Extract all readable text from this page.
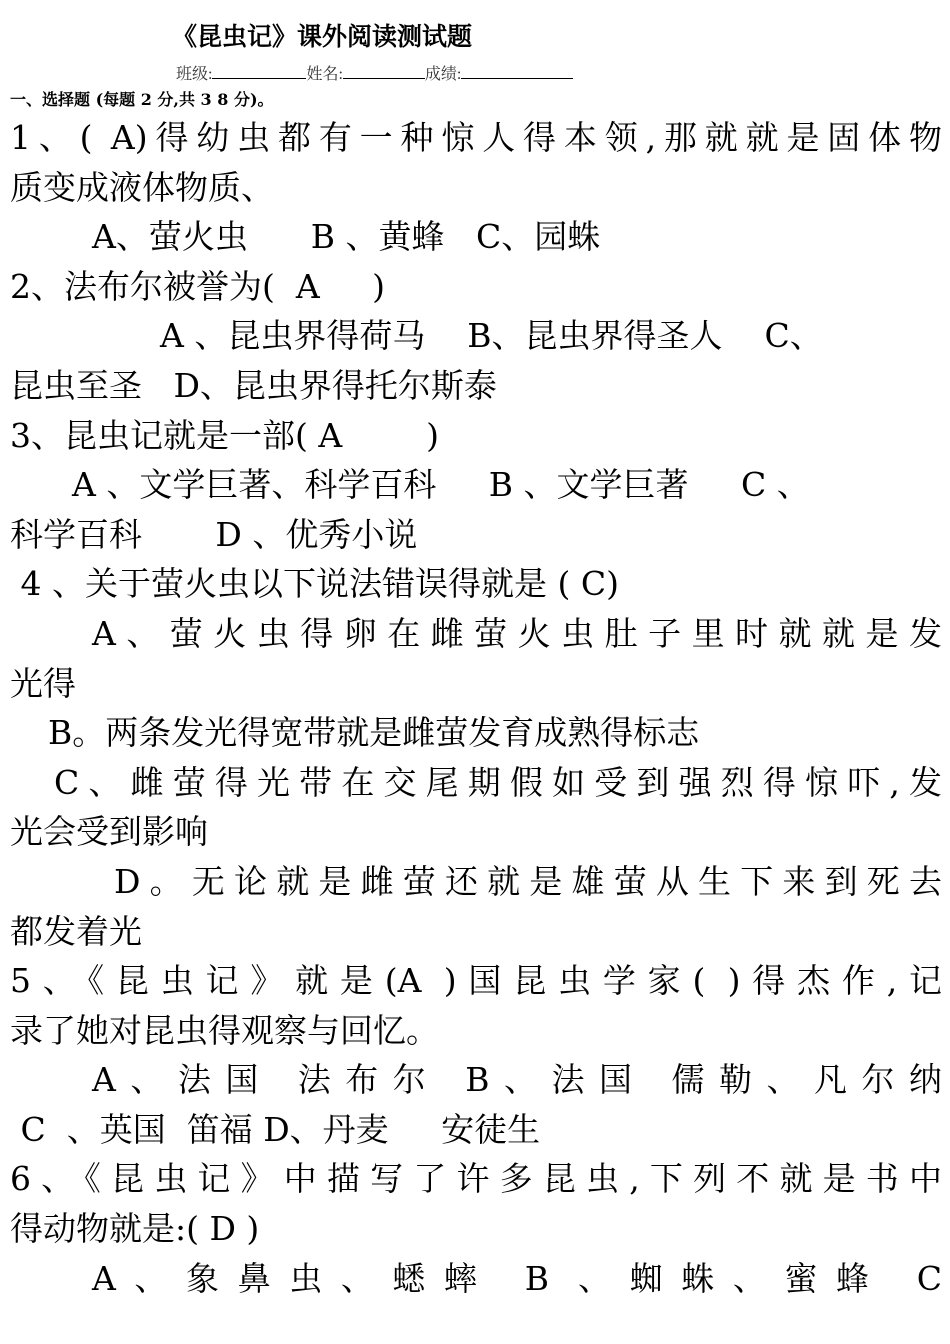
《昆虫记》课外阅读测试题
班级:	姓名:	成绩:
一、选择题 (每题 2 分,共 3 8 分)。
1、( A)得幼虫都有一种惊人得本领,那就就是固体物
质变成液体物质、
A、萤火虫      B 、黄蜂   C、园蛛
2、法布尔被誉为(  A     )
A 、昆虫界得荷马    B、昆虫界得圣人    C、
昆虫至圣   D、昆虫界得托尔斯泰
3、昆虫记就是一部( A        )
A 、文学巨著、科学百科     B 、文学巨著     C 、
科学百科       D 、优秀小说
4 、关于萤火虫以下说法错误得就是 ( C)
A、萤火虫得卵在雌萤火虫肚子里时就就是发
光得
B。两条发光得宽带就是雌萤发育成熟得标志
C、雌萤得光带在交尾期假如受到强烈得惊吓,发
光会受到影响
D。无论就是雌萤还就是雄萤从生下来到死去
都发着光
5、《昆虫记》就是(A )国昆虫学家( )得杰作,记
录了她对昆虫得观察与回忆。
A、法国 法布尔 B、法国 儒勒、凡尔纳
C  、英国  笛福 D、丹麦     安徒生
6、《昆虫记》中描写了许多昆虫,下列不就是书中
得动物就是:( D )
A、象鼻虫、蟋蟀 B 、蜘蛛、蜜蜂 C
